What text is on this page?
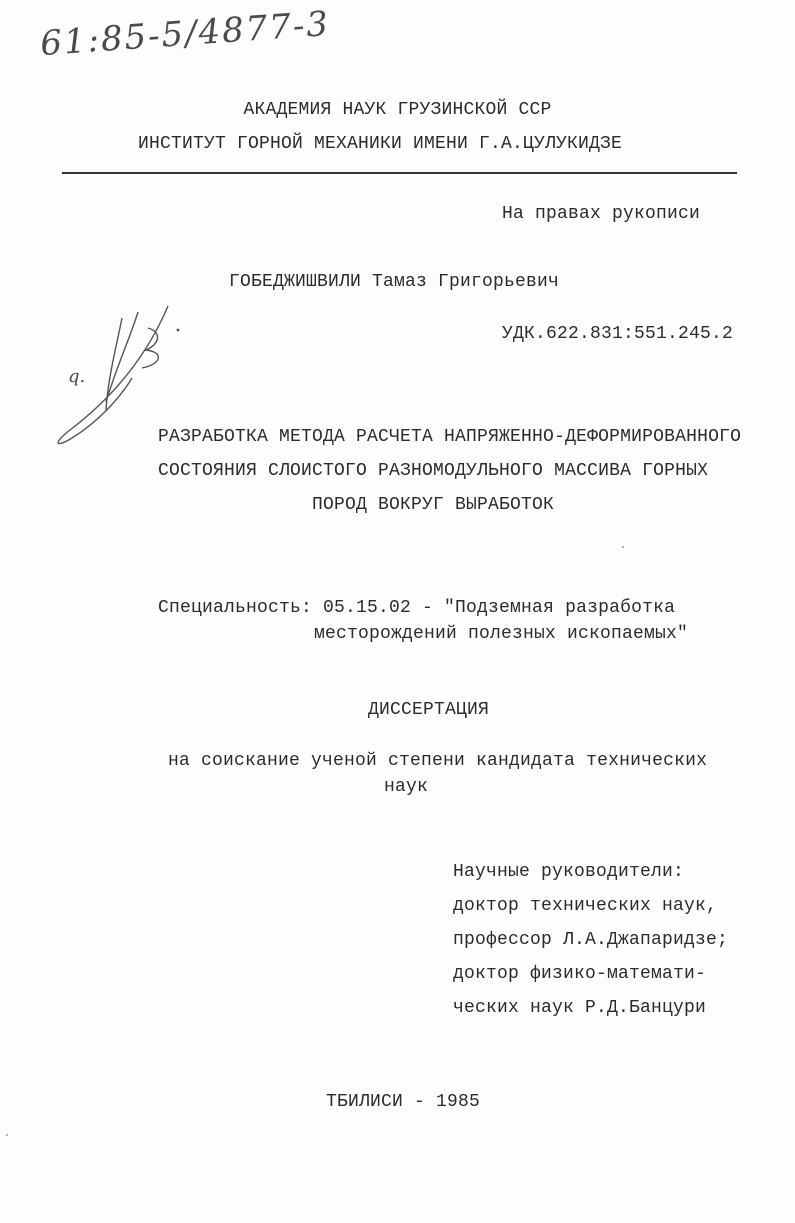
61:85-5/4877-3
АКАДЕМИЯ НАУК ГРУЗИНСКОЙ ССР
ИНСТИТУТ ГОРНОЙ МЕХАНИКИ ИМЕНИ Г.А.ЦУЛУКИДЗЕ
На правах рукописи
ГОБЕДЖИШВИЛИ Тамаз Григорьевич
q.
УДК.622.831:551.245.2
РАЗРАБОТКА МЕТОДА РАСЧЕТА НАПРЯЖЕННО-ДЕФОРМИРОВАННОГО
СОСТОЯНИЯ СЛОИСТОГО РАЗНОМОДУЛЬНОГО МАССИВА ГОРНЫХ
ПОРОД ВОКРУГ ВЫРАБОТОК
Специальность: 05.15.02 - "Подземная разработка
месторождений полезных ископаемых"
ДИССЕРТАЦИЯ
на соискание ученой степени кандидата технических
наук
Научные руководители:
доктор технических наук,
профессор Л.А.Джапаридзе;
доктор физико-математи-
ческих наук Р.Д.Банцури
ТБИЛИСИ - 1985
